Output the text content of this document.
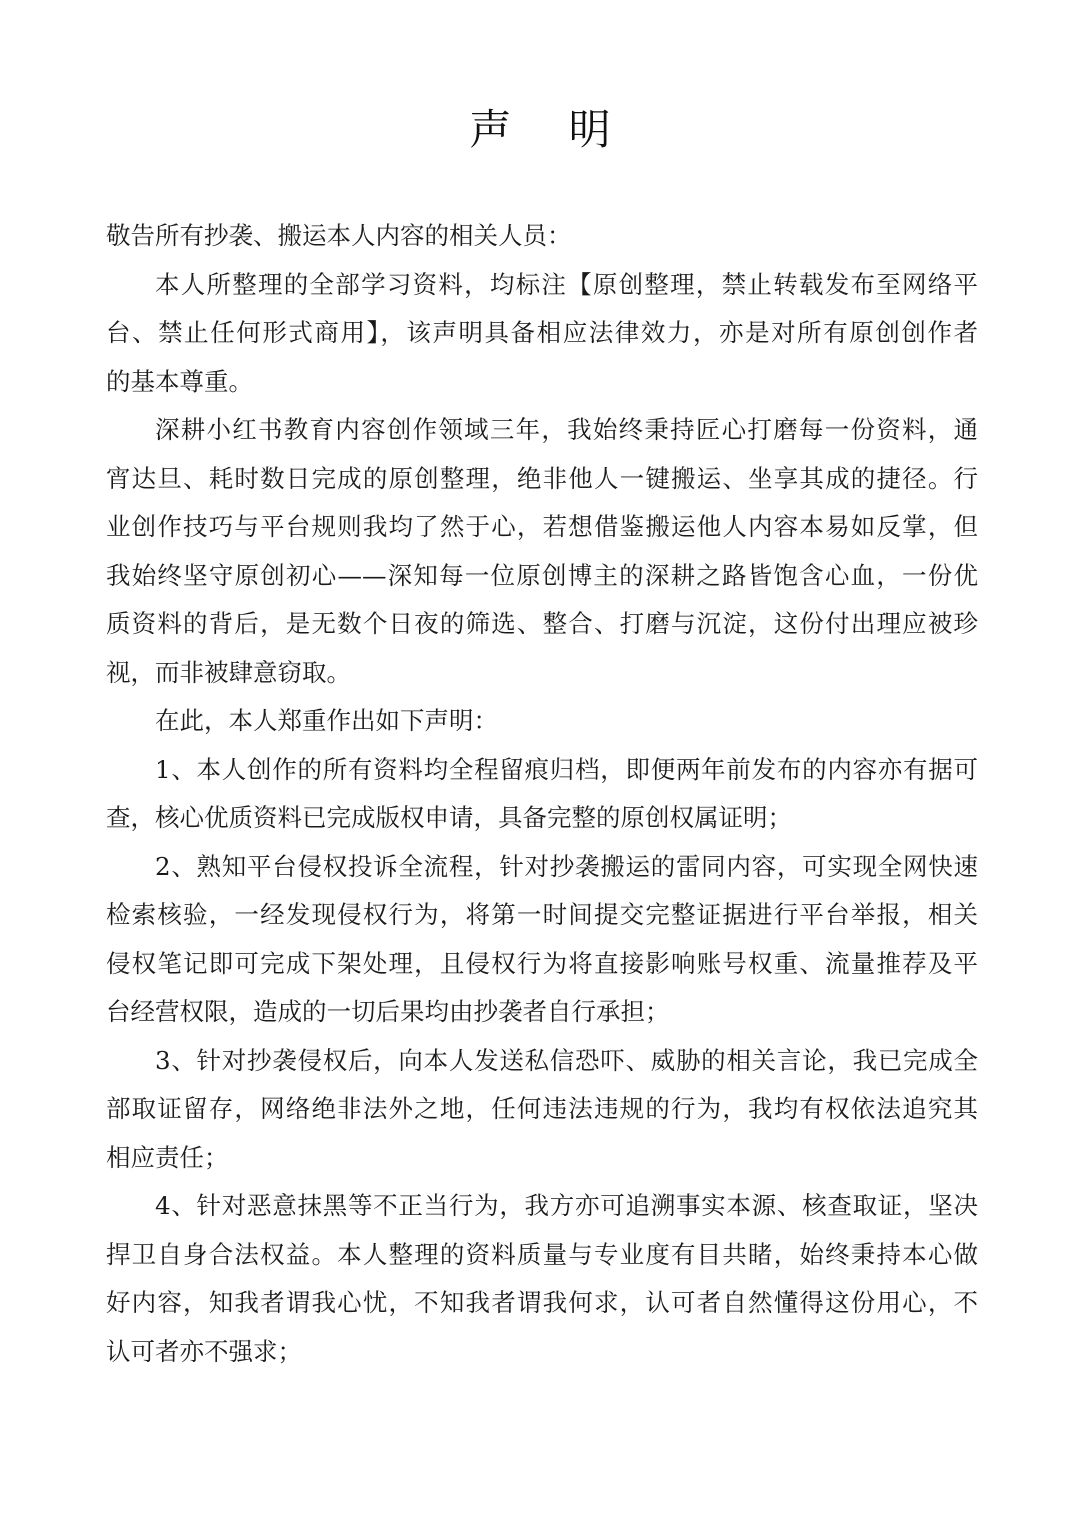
声 明
敬告所有抄袭、搬运本人内容的相关人员：
本人所整理的全部学习资料，均标注【原创整理，禁止转载发布至网络平
台、禁止任何形式商用】，该声明具备相应法律效力，亦是对所有原创创作者
的基本尊重。
深耕小红书教育内容创作领域三年，我始终秉持匠心打磨每一份资料，通
宵达旦、耗时数日完成的原创整理，绝非他人一键搬运、坐享其成的捷径。行
业创作技巧与平台规则我均了然于心，若想借鉴搬运他人内容本易如反掌，但
我始终坚守原创初心——深知每一位原创博主的深耕之路皆饱含心血，一份优
质资料的背后，是无数个日夜的筛选、整合、打磨与沉淀，这份付出理应被珍
视，而非被肆意窃取。
在此，本人郑重作出如下声明：
1、本人创作的所有资料均全程留痕归档，即便两年前发布的内容亦有据可
查，核心优质资料已完成版权申请，具备完整的原创权属证明；
2、熟知平台侵权投诉全流程，针对抄袭搬运的雷同内容，可实现全网快速
检索核验，一经发现侵权行为，将第一时间提交完整证据进行平台举报，相关
侵权笔记即可完成下架处理，且侵权行为将直接影响账号权重、流量推荐及平
台经营权限，造成的一切后果均由抄袭者自行承担；
3、针对抄袭侵权后，向本人发送私信恐吓、威胁的相关言论，我已完成全
部取证留存，网络绝非法外之地，任何违法违规的行为，我均有权依法追究其
相应责任；
4、针对恶意抹黑等不正当行为，我方亦可追溯事实本源、核查取证，坚决
捍卫自身合法权益。本人整理的资料质量与专业度有目共睹，始终秉持本心做
好内容，知我者谓我心忧，不知我者谓我何求，认可者自然懂得这份用心，不
认可者亦不强求；
